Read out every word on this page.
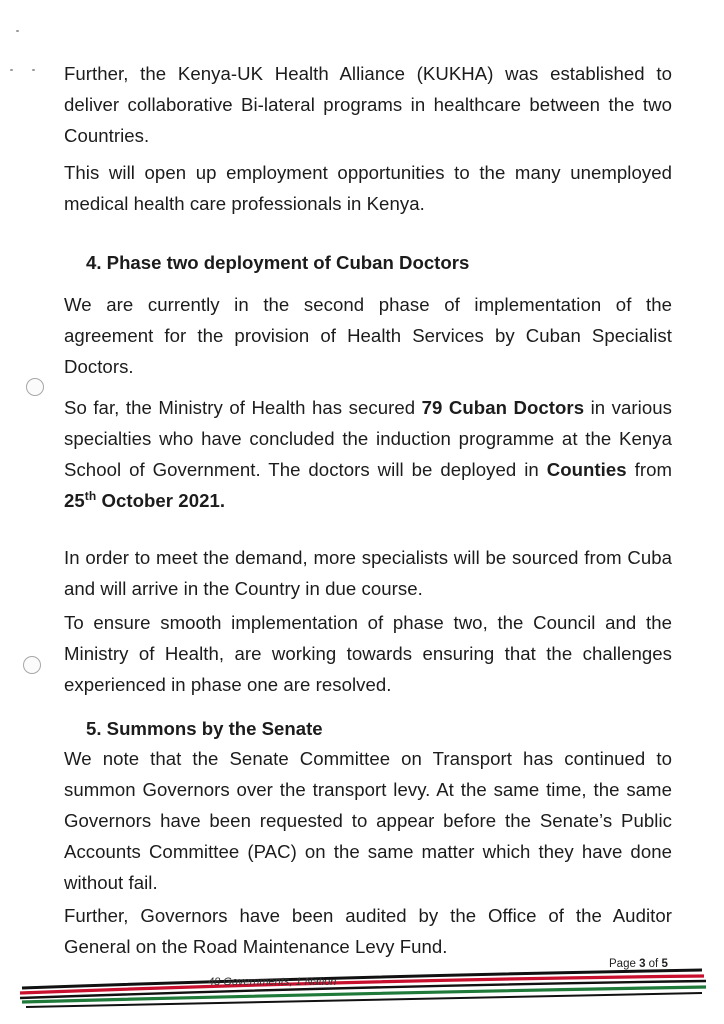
Further, the Kenya-UK Health Alliance (KUKHA) was established to deliver collaborative Bi-lateral programs in healthcare between the two Countries.

This will open up employment opportunities to the many unemployed medical health care professionals in Kenya.

4. Phase two deployment of Cuban Doctors

We are currently in the second phase of implementation of the agreement for the provision of Health Services by Cuban Specialist Doctors.

So far, the Ministry of Health has secured 79 Cuban Doctors in various specialties who have concluded the induction programme at the Kenya School of Government. The doctors will be deployed in Counties from 25th October 2021.

In order to meet the demand, more specialists will be sourced from Cuba and will arrive in the Country in due course.

To ensure smooth implementation of phase two, the Council and the Ministry of Health, are working towards ensuring that the challenges experienced in phase one are resolved.

5. Summons by the Senate

We note that the Senate Committee on Transport has continued to summon Governors over the transport levy. At the same time, the same Governors have been requested to appear before the Senate’s Public Accounts Committee (PAC) on the same matter which they have done without fail.

Further, Governors have been audited by the Office of the Auditor General on the Road Maintenance Levy Fund.

Page 3 of 5
48 Governments, 1 Nation
